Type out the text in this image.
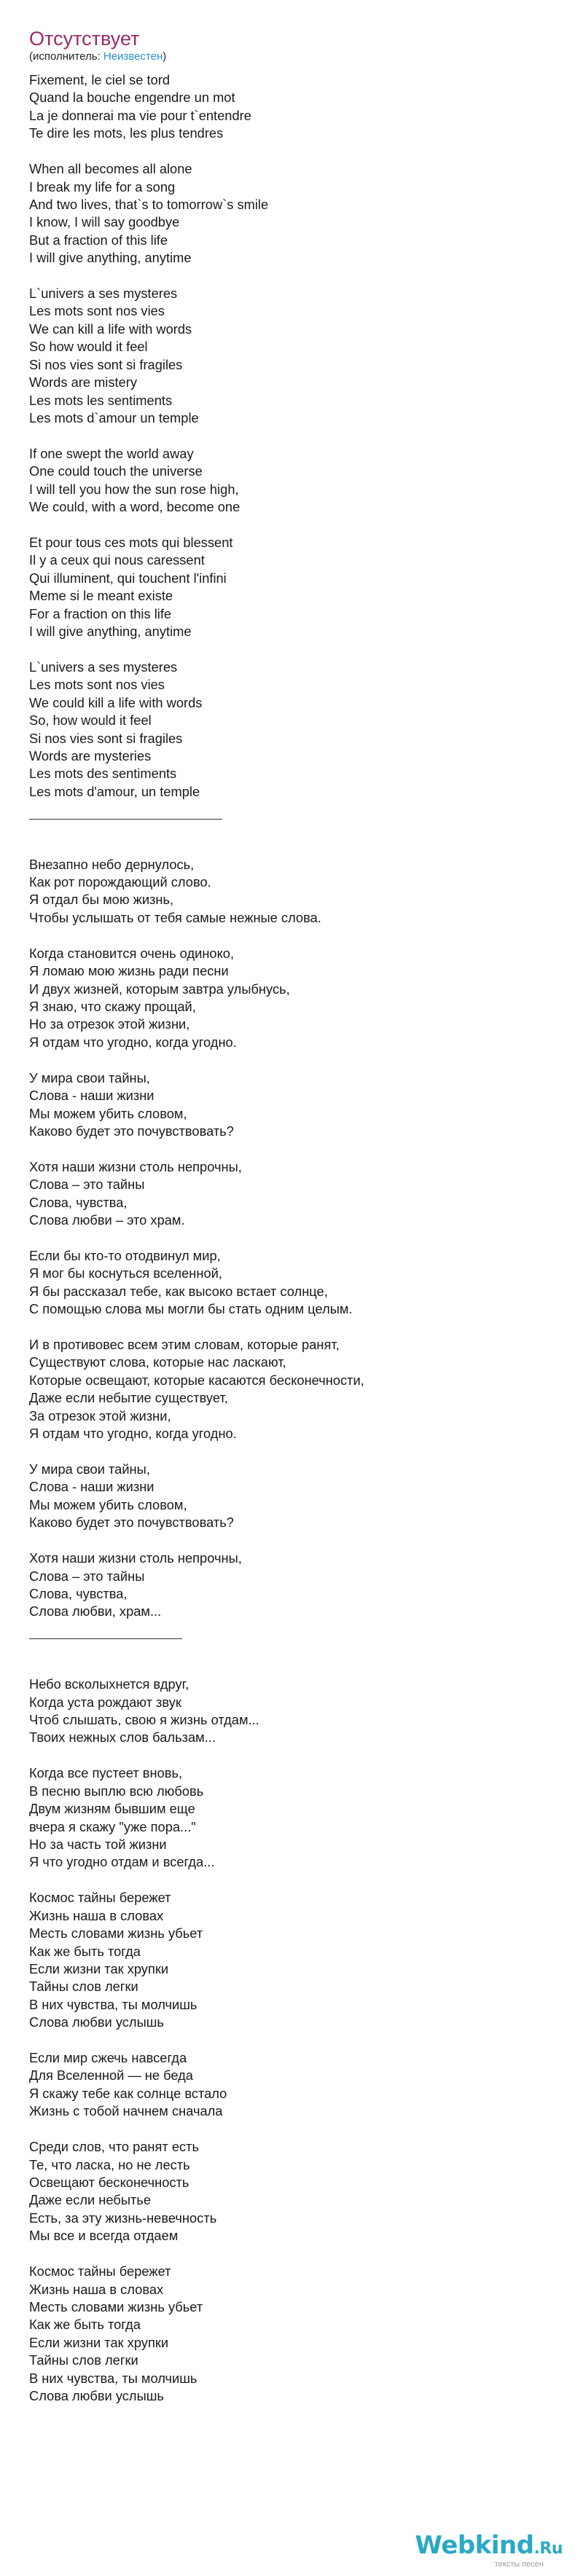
Отсутствует
(исполнитель: Неизвестен)
Fixement, le ciel se tord
Quand la bouche engendre un mot
La je donnerai ma vie pour t`entendre
Te dire les mots, les plus tendres
When all becomes all alone
I break my life for a song
And two lives, that`s to tomorrow`s smile
I know, I will say goodbye
But a fraction of this life
I will give anything, anytime
L`univers a ses mysteres
Les mots sont nos vies
We can kill a life with words
So how would it feel
Si nos vies sont si fragiles
Words are mistery
Les mots les sentiments
Les mots d`amour un temple
If one swept the world away
One could touch the universe
I will tell you how the sun rose high,
We could, with a word, become one
Et pour tous ces mots qui blessent
Il y a ceux qui nous caressent
Qui illuminent, qui touchent l'infini
Meme si le meant existe
For a fraction on this life
I will give anything, anytime
L`univers a ses mysteres
Les mots sont nos vies
We could kill a life with words
So, how would it feel
Si nos vies sont si fragiles
Words are mysteries
Les mots des sentiments
Les mots d'amour, un temple
Внезапно небо дернулось,
Как рот порождающий слово.
Я отдал бы мою жизнь,
Чтобы услышать от тебя самые нежные слова.
Когда становится очень одиноко,
Я ломаю мою жизнь ради песни
И двух жизней, которым завтра улыбнусь,
Я знаю, что скажу прощай,
Но за отрезок этой жизни,
Я отдам что угодно, когда угодно.
У мира свои тайны,
Слова - наши жизни
Мы можем убить словом,
Каково будет это почувствовать?
Хотя наши жизни столь непрочны,
Слова – это тайны
Слова, чувства,
Слова любви – это храм.
Если бы кто-то отодвинул мир,
Я мог бы коснуться вселенной,
Я бы рассказал тебе, как высоко встает солнце,
С помощью слова мы могли бы стать одним целым.
И в противовес всем этим словам, которые ранят,
Существуют слова, которые нас ласкают,
Которые освещают, которые касаются бесконечности,
Даже если небытие существует,
За отрезок этой жизни,
Я отдам что угодно, когда угодно.
У мира свои тайны,
Слова - наши жизни
Мы можем убить словом,
Каково будет это почувствовать?
Хотя наши жизни столь непрочны,
Слова – это тайны
Слова, чувства,
Слова любви, храм...
Небо всколыхнется вдруг,
Когда уста рождают звук
Чтоб слышать, свою я жизнь отдам...
Твоих нежных слов бальзам...
Когда все пустеет вновь,
В песню выплю всю любовь
Двум жизням бывшим еще
вчера я скажу "уже пора..."
Но за часть той жизни
Я что угодно отдам и всегда...
Космос тайны бережет
Жизнь наша в словах
Месть словами жизнь убьет
Как же быть тогда
Если жизни так хрупки
Тайны слов легки
В них чувства, ты молчишь
Слова любви услышь
Если мир сжечь навсегда
Для Вселенной — не беда
Я скажу тебе как солнце встало
Жизнь с тобой начнем сначала
Среди слов, что ранят есть
Те, что ласка, но не лесть
Освещают бесконечность
Даже если небытье
Есть, за эту жизнь-невечность
Мы все и всегда отдаем
Космос тайны бережет
Жизнь наша в словах
Месть словами жизнь убьет
Как же быть тогда
Если жизни так хрупки
Тайны слов легки
В них чувства, ты молчишь
Слова любви услышь
Webkind.Ru
тексты песен
